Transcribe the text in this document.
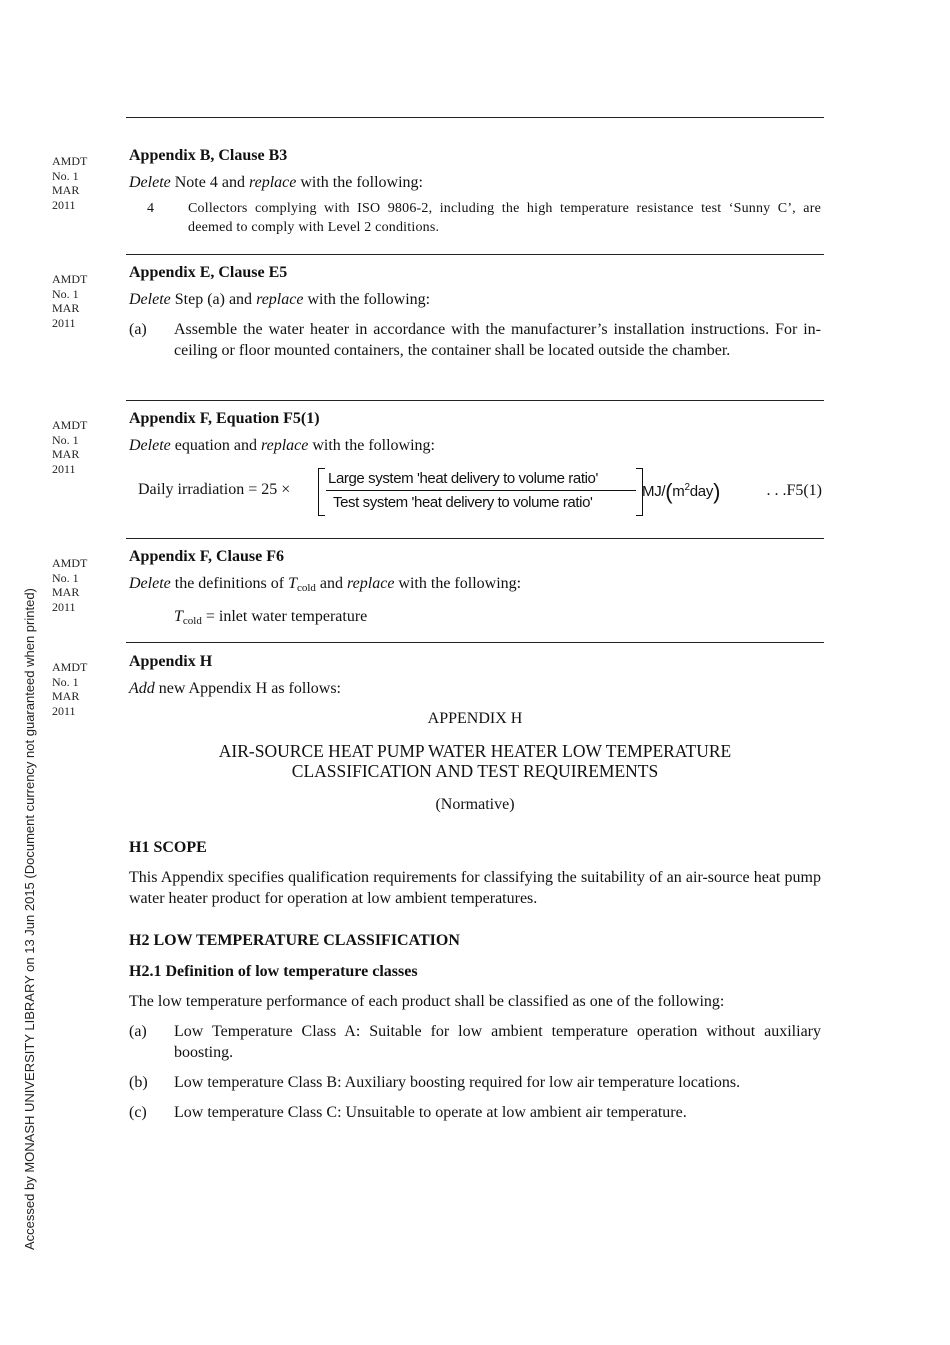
Accessed by MONASH UNIVERSITY LIBRARY on 13 Jun 2015 (Document currency not guaranteed when printed)
AMDT
No. 1
MAR
2011
Appendix B, Clause B3
Delete Note 4 and replace with the following:
4	Collectors complying with ISO 9806-2, including the high temperature resistance test ‘Sunny C’, are deemed to comply with Level 2 conditions.
AMDT
No. 1
MAR
2011
Appendix E, Clause E5
Delete Step (a) and replace with the following:
(a)	Assemble the water heater in accordance with the manufacturer’s installation instructions. For in-ceiling or floor mounted containers, the container shall be located outside the chamber.
AMDT
No. 1
MAR
2011
Appendix F, Equation F5(1)
Delete equation and replace with the following:
Daily irradiation = 25 ×
Large system 'heat delivery to volume ratio'
Test system 'heat delivery to volume ratio'
$MJ/(m^2day)$	. . .F5(1)
AMDT
No. 1
MAR
2011
Appendix F, Clause F6
Delete the definitions of $T_{cold}$ and replace with the following:
$T_{cold}$ = inlet water temperature
AMDT
No. 1
MAR
2011
Appendix H
Add new Appendix H as follows:
APPENDIX H
AIR-SOURCE HEAT PUMP WATER HEATER LOW TEMPERATURE
CLASSIFICATION AND TEST REQUIREMENTS
(Normative)
H1 SCOPE
This Appendix specifies qualification requirements for classifying the suitability of an air-source heat pump water heater product for operation at low ambient temperatures.
H2 LOW TEMPERATURE CLASSIFICATION
H2.1 Definition of low temperature classes
The low temperature performance of each product shall be classified as one of the following:
(a)	Low Temperature Class A: Suitable for low ambient temperature operation without auxiliary boosting.
(b)	Low temperature Class B: Auxiliary boosting required for low air temperature locations.
(c)	Low temperature Class C: Unsuitable to operate at low ambient air temperature.
